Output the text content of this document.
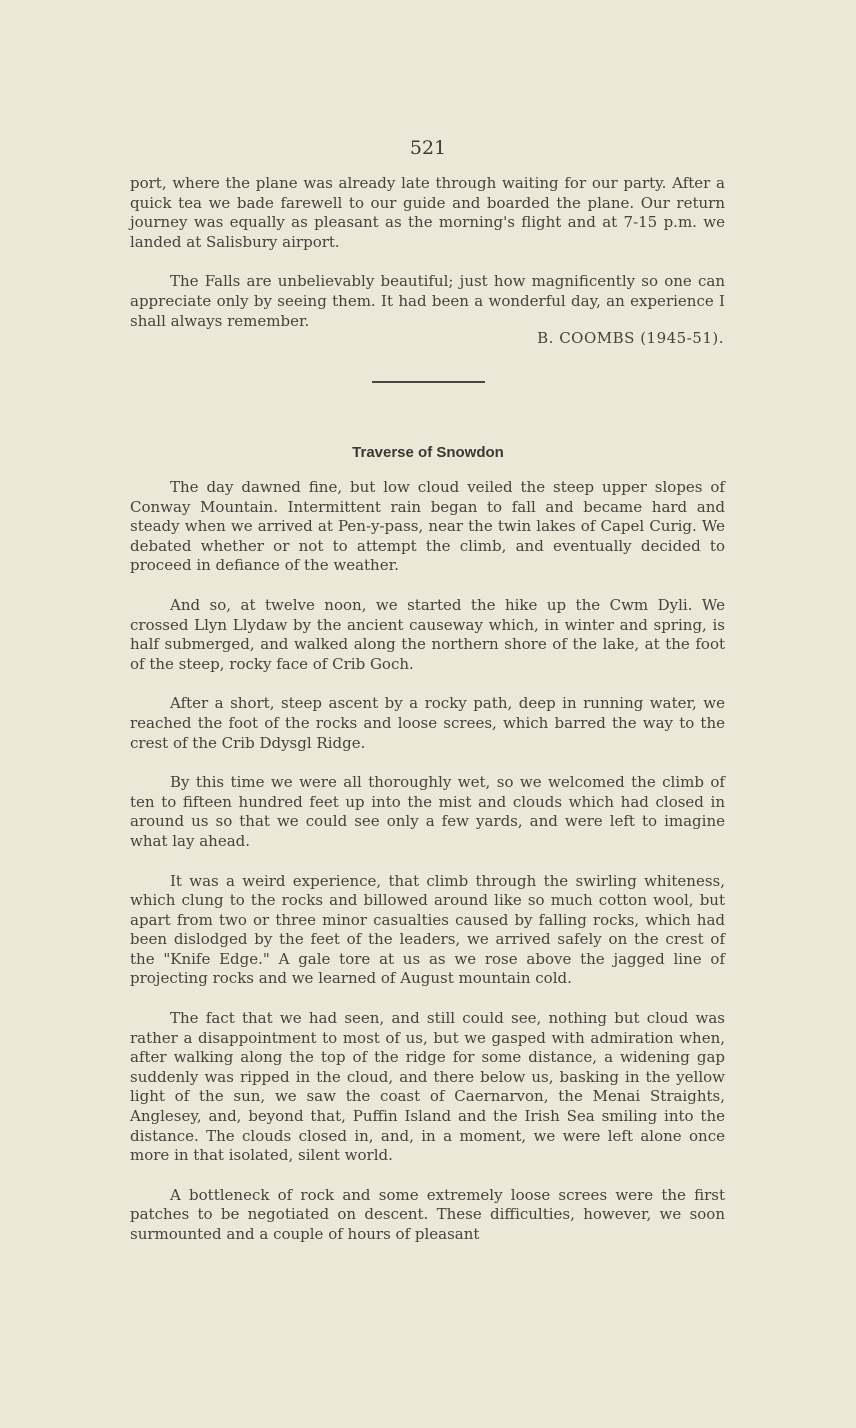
521

port, where the plane was already late through waiting for our party. After a quick tea we bade farewell to our guide and boarded the plane. Our return journey was equally as pleasant as the morning's flight and at 7-15 p.m. we landed at Salisbury airport.

The Falls are unbelievably beautiful; just how magnificently so one can appreciate only by seeing them. It had been a wonderful day, an experience I shall always remember.

B. COOMBS (1945-51).
Traverse of Snowdon

The day dawned fine, but low cloud veiled the steep upper slopes of Conway Mountain. Intermittent rain began to fall and became hard and steady when we arrived at Pen-y-pass, near the twin lakes of Capel Curig. We debated whether or not to attempt the climb, and eventually decided to proceed in defiance of the weather.

And so, at twelve noon, we started the hike up the Cwm Dyli. We crossed Llyn Llydaw by the ancient causeway which, in winter and spring, is half submerged, and walked along the northern shore of the lake, at the foot of the steep, rocky face of Crib Goch.

After a short, steep ascent by a rocky path, deep in running water, we reached the foot of the rocks and loose screes, which barred the way to the crest of the Crib Ddysgl Ridge.

By this time we were all thoroughly wet, so we welcomed the climb of ten to fifteen hundred feet up into the mist and clouds which had closed in around us so that we could see only a few yards, and were left to imagine what lay ahead.

It was a weird experience, that climb through the swirling whiteness, which clung to the rocks and billowed around like so much cotton wool, but apart from two or three minor casualties caused by falling rocks, which had been dislodged by the feet of the leaders, we arrived safely on the crest of the "Knife Edge." A gale tore at us as we rose above the jagged line of projecting rocks and we learned of August mountain cold.

The fact that we had seen, and still could see, nothing but cloud was rather a disappointment to most of us, but we gasped with admiration when, after walking along the top of the ridge for some distance, a widening gap suddenly was ripped in the cloud, and there below us, basking in the yellow light of the sun, we saw the coast of Caernarvon, the Menai Straights, Anglesey, and, beyond that, Puffin Island and the Irish Sea smiling into the distance. The clouds closed in, and, in a moment, we were left alone once more in that isolated, silent world.

A bottleneck of rock and some extremely loose screes were the first patches to be negotiated on descent. These difficulties, however, we soon surmounted and a couple of hours of pleasant
